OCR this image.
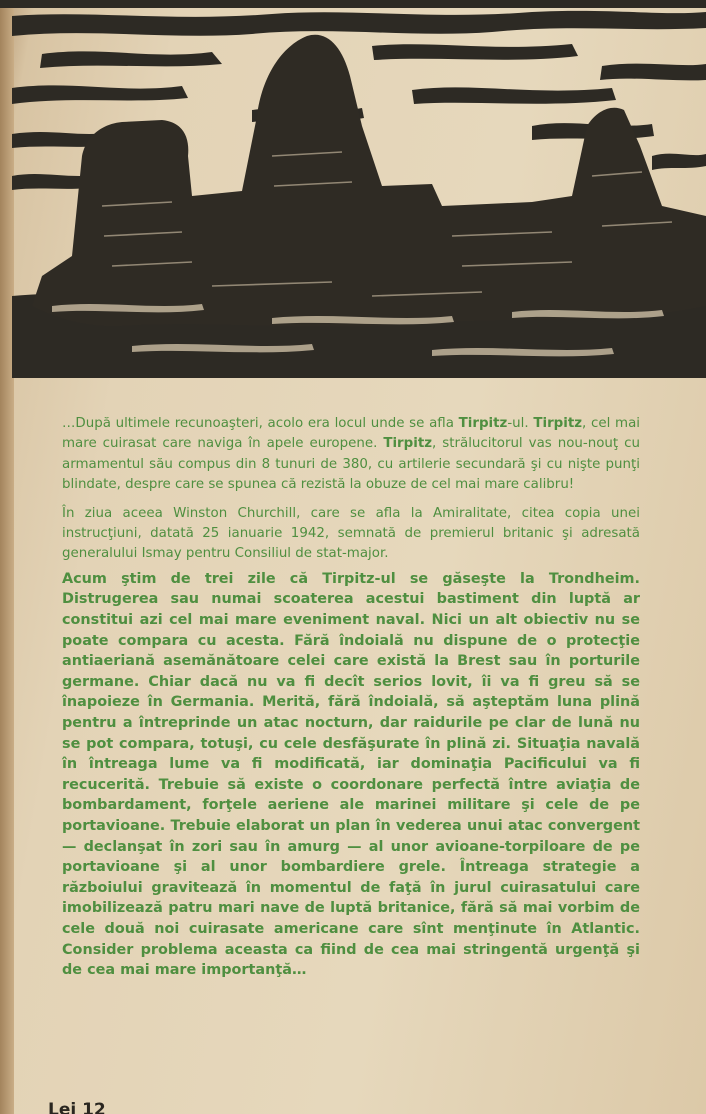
…După ultimele recunoaşteri, acolo era locul unde se afla Tirpitz-ul. Tirpitz, cel mai mare cuirasat care naviga în apele europene. Tirpitz, strălucitorul vas nou-nouţ cu armamentul său compus din 8 tunuri de 380, cu artilerie secundară şi cu nişte punţi blindate, despre care se spunea că rezistă la obuze de cel mai mare calibru!

În ziua aceea Winston Churchill, care se afla la Amiralitate, citea copia unei instrucţiuni, datată 25 ianuarie 1942, semnată de premierul britanic şi adresată generalului Ismay pentru Consiliul de stat-major.

Acum ştim de trei zile că Tirpitz-ul se găseşte la Trondheim. Distrugerea sau numai scoaterea acestui bastiment din luptă ar constitui azi cel mai mare eveniment naval. Nici un alt obiectiv nu se poate compara cu acesta. Fără îndoială nu dispune de o protecţie antiaeriană asemănătoare celei care există la Brest sau în porturile germane. Chiar dacă nu va fi decît serios lovit, îi va fi greu să se înapoieze în Germania. Merită, fără îndoială, să aşteptăm luna plină pentru a întreprinde un atac nocturn, dar raidurile pe clar de lună nu se pot compara, totuşi, cu cele desfăşurate în plină zi. Situaţia navală în întreaga lume va fi modificată, iar dominaţia Pacificului va fi recucerită. Trebuie să existe o coordonare perfectă între aviaţia de bombardament, forţele aeriene ale marinei militare şi cele de pe portavioane. Trebuie elaborat un plan în vederea unui atac convergent — declanşat în zori sau în amurg — al unor avioane-torpiloare de pe portavioane şi al unor bombardiere grele. Întreaga strategie a războiului gravitează în momentul de faţă în jurul cuirasatului care imobilizează patru mari nave de luptă britanice, fără să mai vorbim de cele două noi cuirasate americane care sînt menţinute în Atlantic. Consider problema aceasta ca fiind de cea mai stringentă urgenţă şi de cea mai mare importanţă…

Lei 12
